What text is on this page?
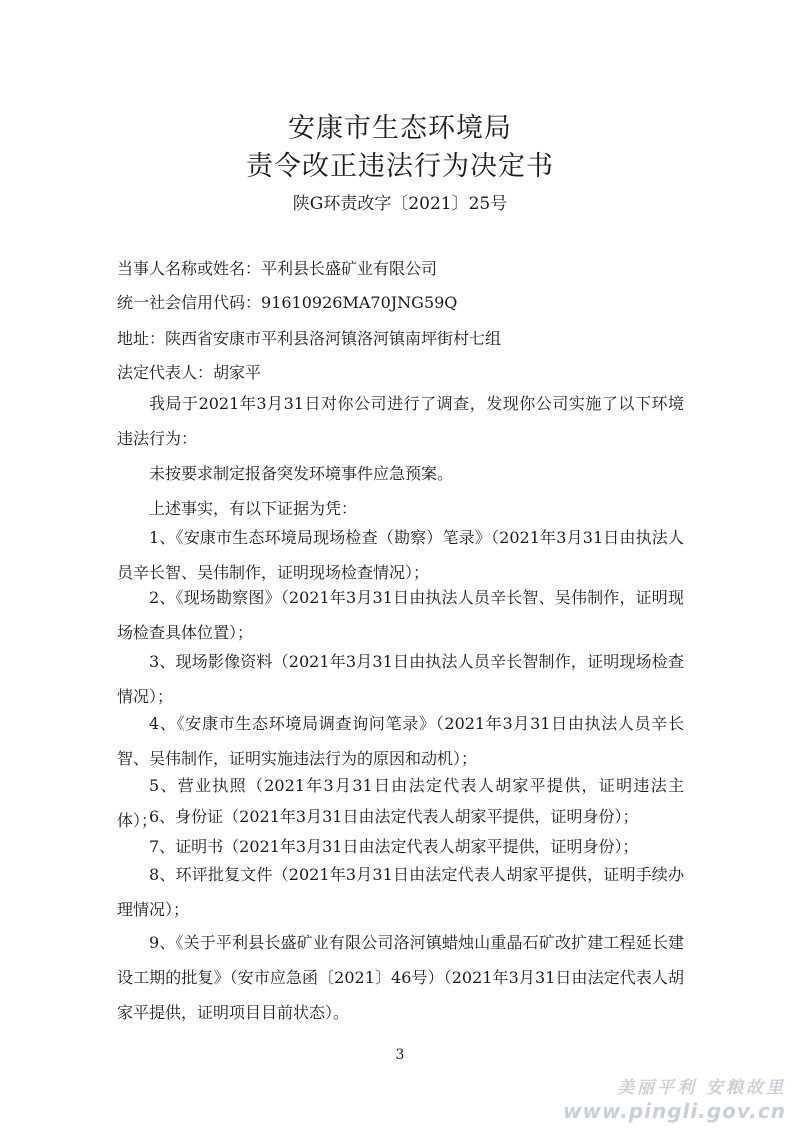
安康市生态环境局
责令改正违法行为决定书
陕G环责改字〔2021〕25号
当事人名称或姓名：平利县长盛矿业有限公司
统一社会信用代码：91610926MA70JNG59Q
地址：陕西省安康市平利县洛河镇洛河镇南坪街村七组
法定代表人：胡家平

我局于2021年3月31日对你公司进行了调查，发现你公司实施了以下环境违法行为：

未按要求制定报备突发环境事件应急预案。

上述事实，有以下证据为凭：

1、《安康市生态环境局现场检查（勘察）笔录》（2021年3月31日由执法人员辛长智、吴伟制作，证明现场检查情况）；

2、《现场勘察图》（2021年3月31日由执法人员辛长智、吴伟制作，证明现场检查具体位置）；

3、现场影像资料（2021年3月31日由执法人员辛长智制作，证明现场检查情况）；

4、《安康市生态环境局调查询问笔录》（2021年3月31日由执法人员辛长智、吴伟制作，证明实施违法行为的原因和动机）；

5、营业执照（2021年3月31日由法定代表人胡家平提供，证明违法主体）；

6、身份证（2021年3月31日由法定代表人胡家平提供，证明身份）；

7、证明书（2021年3月31日由法定代表人胡家平提供，证明身份）；

8、环评批复文件（2021年3月31日由法定代表人胡家平提供，证明手续办理情况）；

9、《关于平利县长盛矿业有限公司洛河镇蜡烛山重晶石矿改扩建工程延长建设工期的批复》（安市应急函〔2021〕46号）（2021年3月31日由法定代表人胡家平提供，证明项目目前状态）。

3
美丽平利 安粮故里
www.pingli.gov.cn
